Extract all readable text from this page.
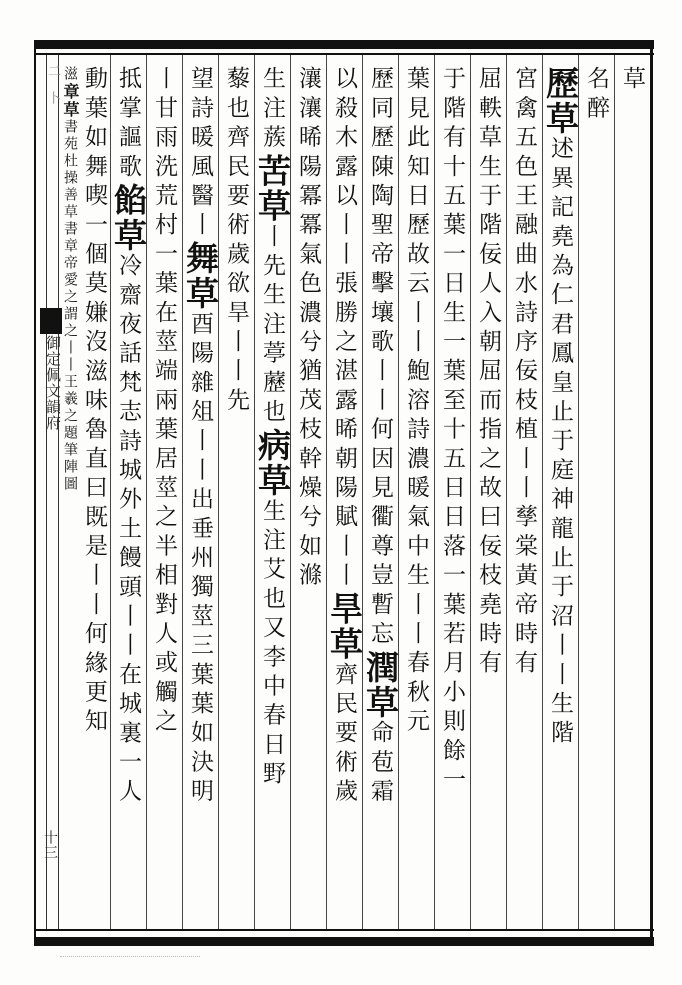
二卜
御定佩文韻府
十三
草
名醉
歷草述異記堯為仁君鳳皇止于庭神龍止于沼丨丨生階
宮禽五色王融曲水詩序佞枝植丨丨孳棠黃帝時有
屈軼草生于階佞人入朝屈而指之故曰佞枝堯時有
于階有十五葉一日生一葉至十五日日落一葉若月小則餘一
葉見此知日歷故云丨丨鮑溶詩濃暖氣中生丨丨春秋元
歷同歷陳陶聖帝擊壤歌丨丨何因見衢尊豈暫忘潤草命苞霜
以殺木露以丨丨張勝之湛露晞朝陽賦丨丨旱草齊民要術歲
瀼瀼晞陽冪冪氣色濃兮猶茂枝幹燥兮如滌
生注蔟苦草丨先生注葶藶也病草生注艾也又李中春日野
藜也齊民要術歲欲旱丨丨先
望詩暖風醫丨舞草酉陽雜俎丨丨出垂州獨莖三葉葉如決明
丨甘雨洗荒村一葉在莖端兩葉居莖之半相對人或觸之
抵掌謳歌餡草冷齋夜話梵志詩城外土饅頭丨丨在城裏一人
動葉如舞喫一個莫嫌沒滋味魯直曰既是丨丨何緣更知
滋章草書苑杜操善草書章帝愛之謂之丨丨王羲之題筆陣圖
